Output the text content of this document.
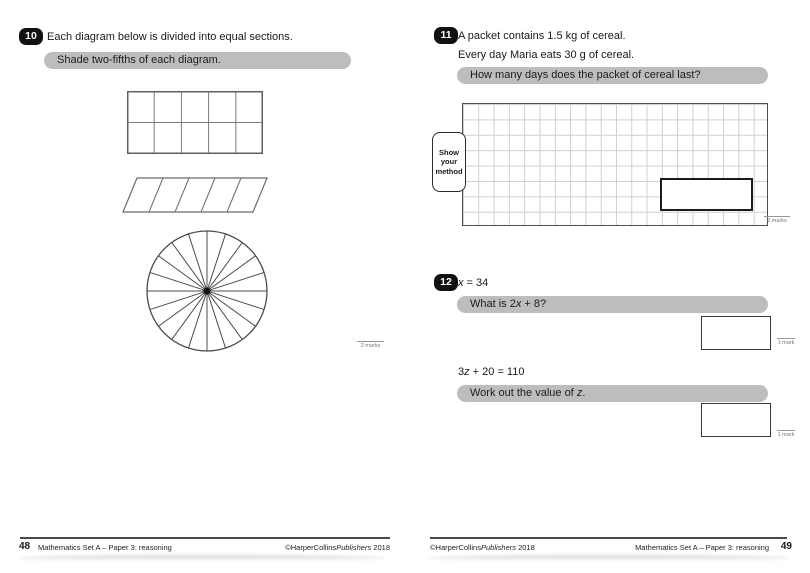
10 Each diagram below is divided into equal sections.
Shade two-fifths of each diagram.
2 marks
48 Mathematics Set A – Paper 3: reasoning	©HarperCollinsPublishers 2018
11 A packet contains 1.5 kg of cereal.
Every day Maria eats 30 g of cereal.
How many days does the packet of cereal last?
Show
your
method
2 marks
12 x = 34
What is 2x + 8?
1 mark
3z + 20 = 110
Work out the value of z.
1 mark
©HarperCollinsPublishers 2018	Mathematics Set A – Paper 3: reasoning 49
